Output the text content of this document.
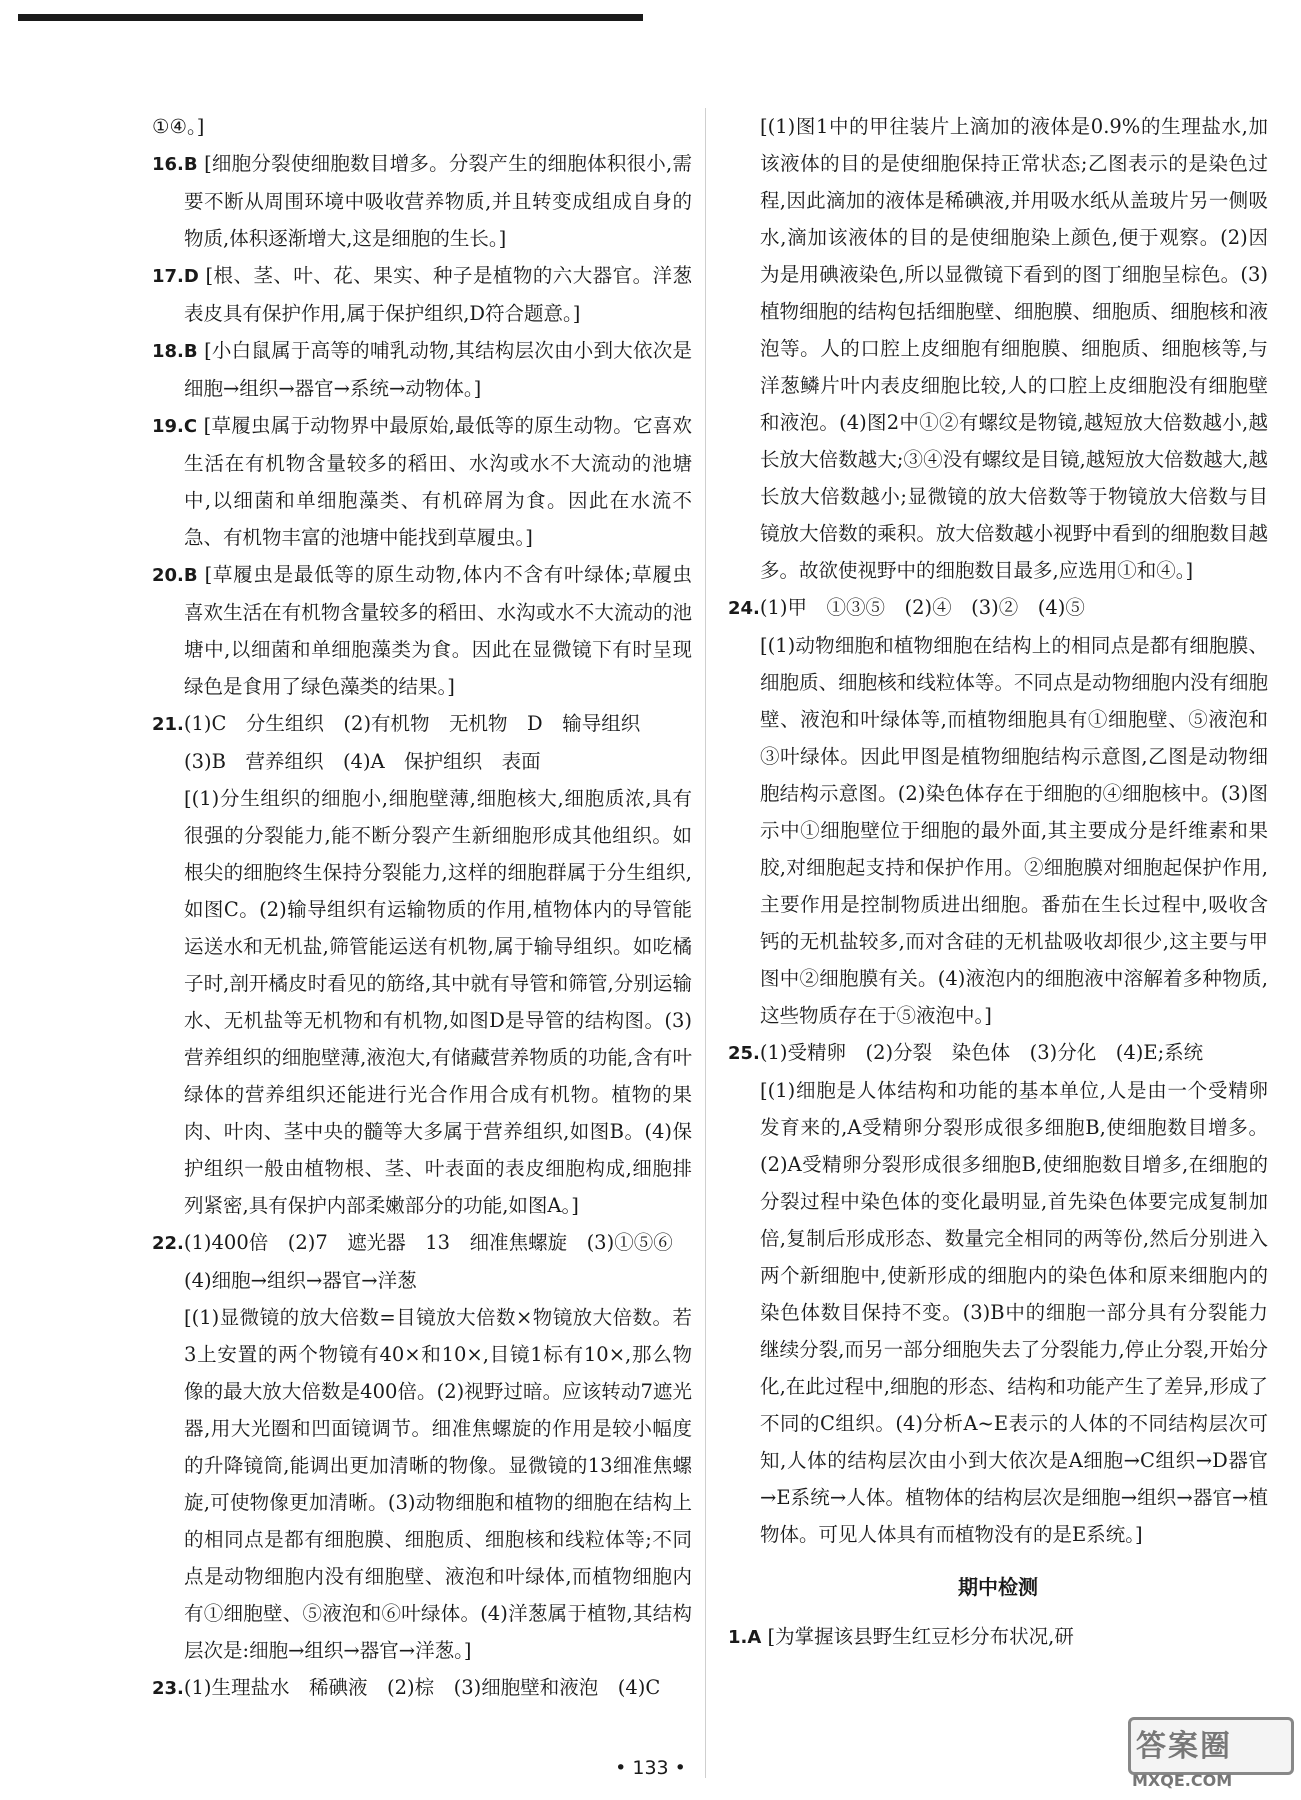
①④。]

16.B [细胞分裂使细胞数目增多。分裂产生的细胞体积很小,需要不断从周围环境中吸收营养物质,并且转变成组成自身的物质,体积逐渐增大,这是细胞的生长。]

17.D [根、茎、叶、花、果实、种子是植物的六大器官。洋葱表皮具有保护作用,属于保护组织,D符合题意。]

18.B [小白鼠属于高等的哺乳动物,其结构层次由小到大依次是细胞→组织→器官→系统→动物体。]

19.C [草履虫属于动物界中最原始,最低等的原生动物。它喜欢生活在有机物含量较多的稻田、水沟或水不大流动的池塘中,以细菌和单细胞藻类、有机碎屑为食。因此在水流不急、有机物丰富的池塘中能找到草履虫。]

20.B [草履虫是最低等的原生动物,体内不含有叶绿体;草履虫喜欢生活在有机物含量较多的稻田、水沟或水不大流动的池塘中,以细菌和单细胞藻类为食。因此在显微镜下有时呈现绿色是食用了绿色藻类的结果。]

21.(1)C　分生组织　(2)有机物　无机物　D　输导组织

(3)B　营养组织　(4)A　保护组织　表面

[(1)分生组织的细胞小,细胞壁薄,细胞核大,细胞质浓,具有很强的分裂能力,能不断分裂产生新细胞形成其他组织。如根尖的细胞终生保持分裂能力,这样的细胞群属于分生组织,如图C。(2)输导组织有运输物质的作用,植物体内的导管能运送水和无机盐,筛管能运送有机物,属于输导组织。如吃橘子时,剖开橘皮时看见的筋络,其中就有导管和筛管,分别运输水、无机盐等无机物和有机物,如图D是导管的结构图。(3)营养组织的细胞壁薄,液泡大,有储藏营养物质的功能,含有叶绿体的营养组织还能进行光合作用合成有机物。植物的果肉、叶肉、茎中央的髓等大多属于营养组织,如图B。(4)保护组织一般由植物根、茎、叶表面的表皮细胞构成,细胞排列紧密,具有保护内部柔嫩部分的功能,如图A。]

22.(1)400倍　(2)7　遮光器　13　细准焦螺旋　(3)①⑤⑥

(4)细胞→组织→器官→洋葱

[(1)显微镜的放大倍数=目镜放大倍数×物镜放大倍数。若3上安置的两个物镜有40×和10×,目镜1标有10×,那么物像的最大放大倍数是400倍。(2)视野过暗。应该转动7遮光器,用大光圈和凹面镜调节。细准焦螺旋的作用是较小幅度的升降镜筒,能调出更加清晰的物像。显微镜的13细准焦螺旋,可使物像更加清晰。(3)动物细胞和植物的细胞在结构上的相同点是都有细胞膜、细胞质、细胞核和线粒体等;不同点是动物细胞内没有细胞壁、液泡和叶绿体,而植物细胞内有①细胞壁、⑤液泡和⑥叶绿体。(4)洋葱属于植物,其结构层次是:细胞→组织→器官→洋葱。]

23.(1)生理盐水　稀碘液　(2)棕　(3)细胞壁和液泡　(4)C

[(1)图1中的甲往装片上滴加的液体是0.9%的生理盐水,加该液体的目的是使细胞保持正常状态;乙图表示的是染色过程,因此滴加的液体是稀碘液,并用吸水纸从盖玻片另一侧吸水,滴加该液体的目的是使细胞染上颜色,便于观察。(2)因为是用碘液染色,所以显微镜下看到的图丁细胞呈棕色。(3)植物细胞的结构包括细胞壁、细胞膜、细胞质、细胞核和液泡等。人的口腔上皮细胞有细胞膜、细胞质、细胞核等,与洋葱鳞片叶内表皮细胞比较,人的口腔上皮细胞没有细胞壁和液泡。(4)图2中①②有螺纹是物镜,越短放大倍数越小,越长放大倍数越大;③④没有螺纹是目镜,越短放大倍数越大,越长放大倍数越小;显微镜的放大倍数等于物镜放大倍数与目镜放大倍数的乘积。放大倍数越小视野中看到的细胞数目越多。故欲使视野中的细胞数目最多,应选用①和④。]

24.(1)甲　①③⑤　(2)④　(3)②　(4)⑤

[(1)动物细胞和植物细胞在结构上的相同点是都有细胞膜、细胞质、细胞核和线粒体等。不同点是动物细胞内没有细胞壁、液泡和叶绿体等,而植物细胞具有①细胞壁、⑤液泡和③叶绿体。因此甲图是植物细胞结构示意图,乙图是动物细胞结构示意图。(2)染色体存在于细胞的④细胞核中。(3)图示中①细胞壁位于细胞的最外面,其主要成分是纤维素和果胶,对细胞起支持和保护作用。②细胞膜对细胞起保护作用,主要作用是控制物质进出细胞。番茄在生长过程中,吸收含钙的无机盐较多,而对含硅的无机盐吸收却很少,这主要与甲图中②细胞膜有关。(4)液泡内的细胞液中溶解着多种物质,这些物质存在于⑤液泡中。]

25.(1)受精卵　(2)分裂　染色体　(3)分化　(4)E;系统

[(1)细胞是人体结构和功能的基本单位,人是由一个受精卵发育来的,A受精卵分裂形成很多细胞B,使细胞数目增多。(2)A受精卵分裂形成很多细胞B,使细胞数目增多,在细胞的分裂过程中染色体的变化最明显,首先染色体要完成复制加倍,复制后形成形态、数量完全相同的两等份,然后分别进入两个新细胞中,使新形成的细胞内的染色体和原来细胞内的染色体数目保持不变。(3)B中的细胞一部分具有分裂能力继续分裂,而另一部分细胞失去了分裂能力,停止分裂,开始分化,在此过程中,细胞的形态、结构和功能产生了差异,形成了不同的C组织。(4)分析A~E表示的人体的不同结构层次可知,人体的结构层次由小到大依次是A细胞→C组织→D器官→E系统→人体。植物体的结构层次是细胞→组织→器官→植物体。可见人体具有而植物没有的是E系统。]

期中检测

1.A [为掌握该县野生红豆杉分布状况,研

• 133 •
答案圈
MXQE.COM
